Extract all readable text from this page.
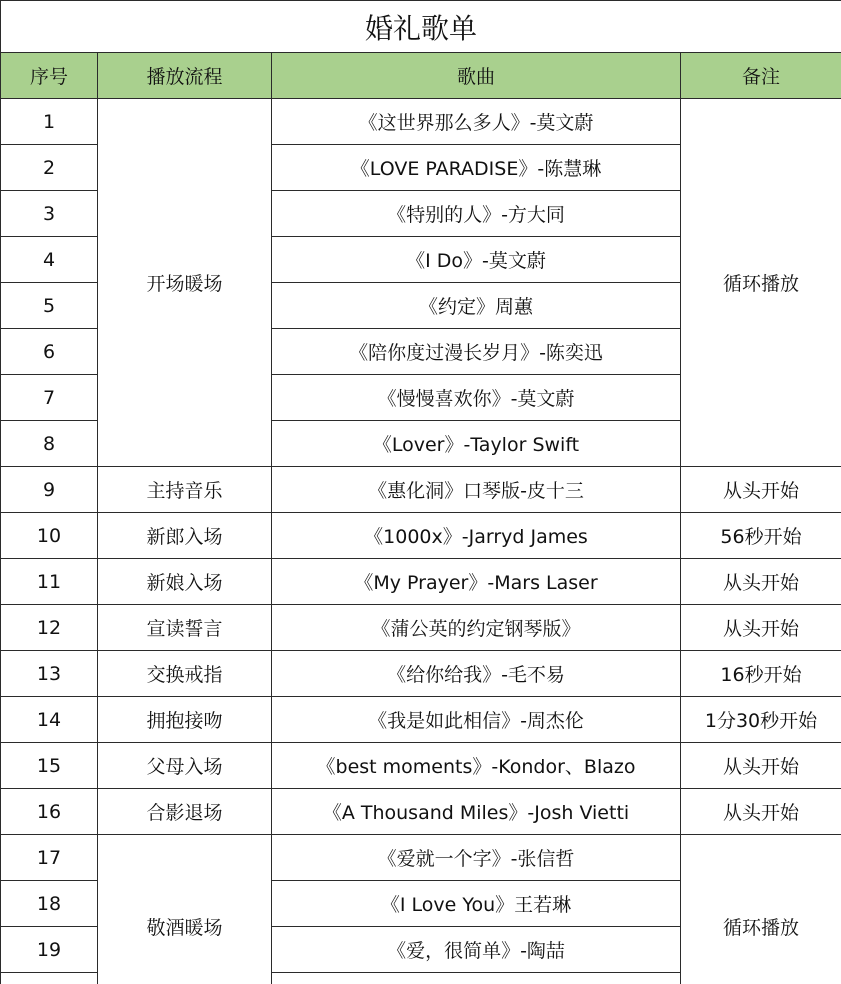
婚礼歌单			
序号	播放流程	歌曲	备注
1	开场暖场	《这世界那么多人》-莫文蔚	循环播放
2		《LOVE PARADISE》-陈慧琳	
3		《特别的人》-方大同	
4		《I Do》-莫文蔚	
5		《约定》周蕙	
6		《陪你度过漫长岁月》-陈奕迅	
7		《慢慢喜欢你》-莫文蔚	
8		《Lover》-Taylor Swift	
9	主持音乐	《惠化洞》口琴版-皮十三	从头开始
10	新郎入场	《1000x》-Jarryd James	56秒开始
11	新娘入场	《My Prayer》-Mars Laser	从头开始
12	宣读誓言	《蒲公英的约定钢琴版》	从头开始
13	交换戒指	《给你给我》-毛不易	16秒开始
14	拥抱接吻	《我是如此相信》-周杰伦	1分30秒开始
15	父母入场	《best moments》-Kondor、Blazo	从头开始
16	合影退场	《A Thousand Miles》-Josh Vietti	从头开始
17	敬酒暖场	《爱就一个字》-张信哲	循环播放
18		《I Love You》王若琳	
19		《爱，很简单》-陶喆	
